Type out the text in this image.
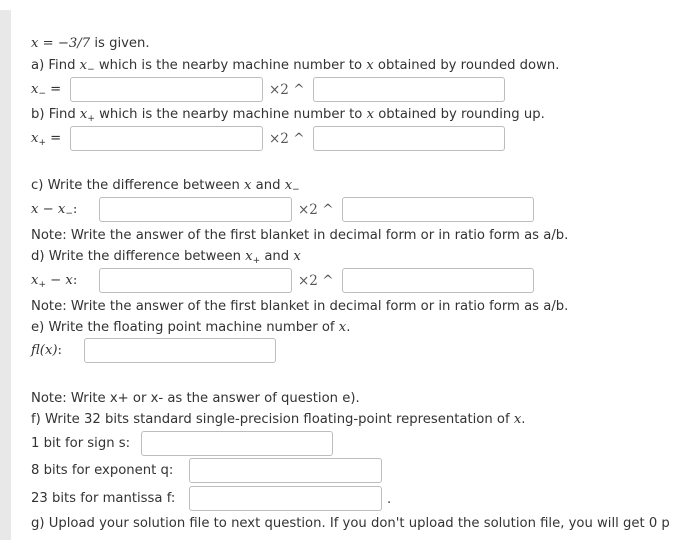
x = −3/7 is given.
a) Find $x_-$ which is the nearby machine number to x obtained by rounded down.
$x_-$ =	×2 ^
b) Find $x_+$ which is the nearby machine number to x obtained by rounding up.
$x_+$ =	×2 ^
c) Write the difference between x and $x_-$
$x - x_-$:	×2 ^
Note: Write the answer of the first blanket in decimal form or in ratio form as a/b.
d) Write the difference between $x_+$ and x
$x_+ - x$:	×2 ^
Note: Write the answer of the first blanket in decimal form or in ratio form as a/b.
e) Write the floating point machine number of x.
fl(x):
Note: Write x+ or x- as the answer of question e).
f) Write 32 bits standard single-precision floating-point representation of x.
1 bit for sign s:
8 bits for exponent q:
23 bits for mantissa f:	.
g) Upload your solution file to next question. If you don't upload the solution file, you will get 0 p
